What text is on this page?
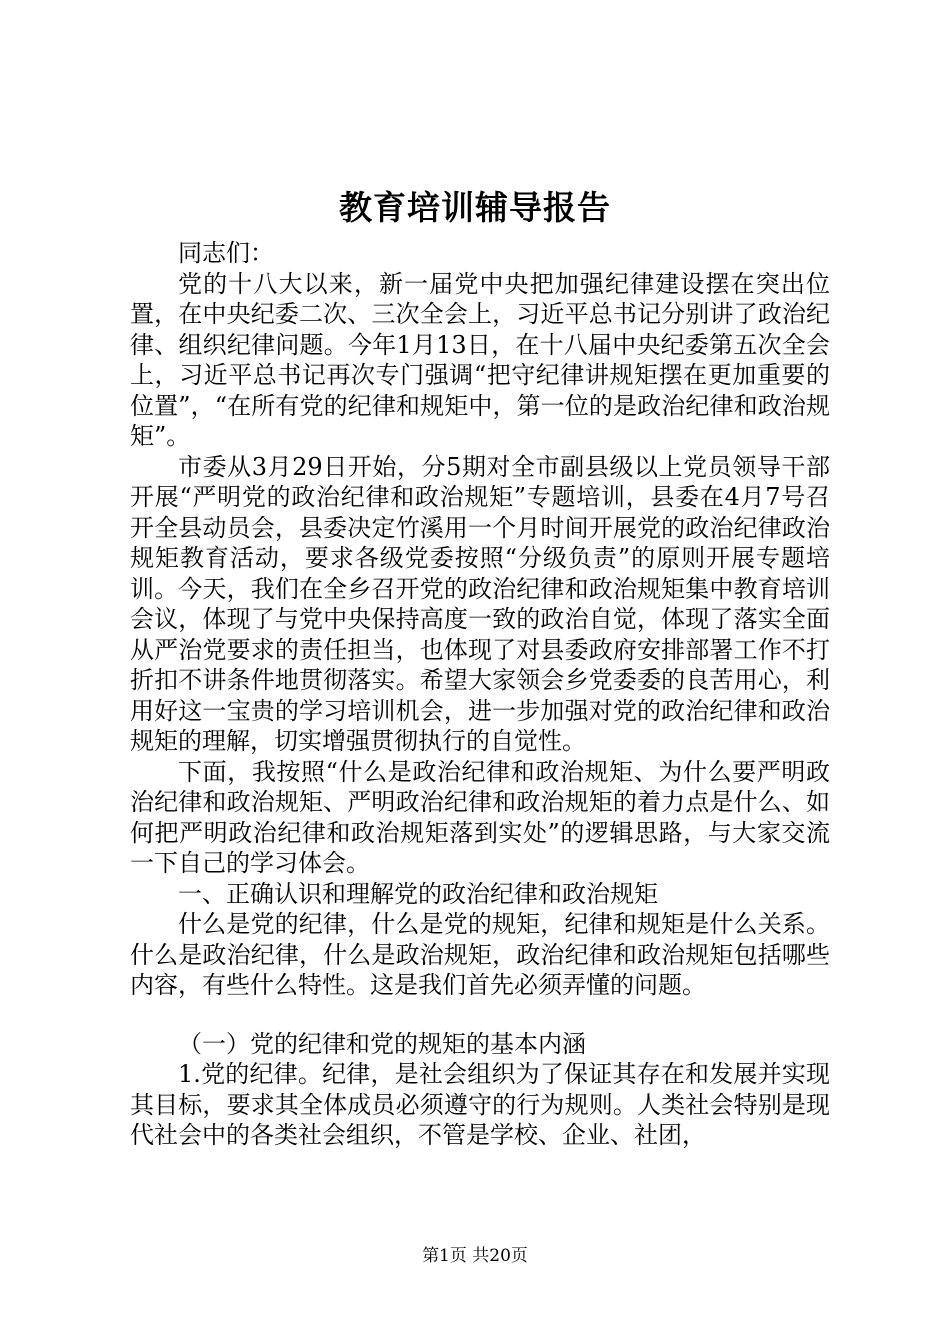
教育培训辅导报告

同志们：

党的十八大以来，新一届党中央把加强纪律建设摆在突出位置，在中央纪委二次、三次全会上，习近平总书记分别讲了政治纪律、组织纪律问题。今年1月13日，在十八届中央纪委第五次全会上，习近平总书记再次专门强调“把守纪律讲规矩摆在更加重要的位置”，“在所有党的纪律和规矩中，第一位的是政治纪律和政治规矩”。

市委从3月29日开始，分5期对全市副县级以上党员领导干部开展“严明党的政治纪律和政治规矩”专题培训，县委在4月7号召开全县动员会，县委决定竹溪用一个月时间开展党的政治纪律政治规矩教育活动，要求各级党委按照“分级负责”的原则开展专题培训。今天，我们在全乡召开党的政治纪律和政治规矩集中教育培训会议，体现了与党中央保持高度一致的政治自觉，体现了落实全面从严治党要求的责任担当，也体现了对县委政府安排部署工作不打折扣不讲条件地贯彻落实。希望大家领会乡党委委的良苦用心，利用好这一宝贵的学习培训机会，进一步加强对党的政治纪律和政治规矩的理解，切实增强贯彻执行的自觉性。

下面，我按照“什么是政治纪律和政治规矩、为什么要严明政治纪律和政治规矩、严明政治纪律和政治规矩的着力点是什么、如何把严明政治纪律和政治规矩落到实处”的逻辑思路，与大家交流一下自己的学习体会。

一、正确认识和理解党的政治纪律和政治规矩

什么是党的纪律，什么是党的规矩，纪律和规矩是什么关系。什么是政治纪律，什么是政治规矩，政治纪律和政治规矩包括哪些内容，有些什么特性。这是我们首先必须弄懂的问题。

（一）党的纪律和党的规矩的基本内涵

1.党的纪律。纪律，是社会组织为了保证其存在和发展并实现其目标，要求其全体成员必须遵守的行为规则。人类社会特别是现代社会中的各类社会组织，不管是学校、企业、社团，

第1页 共20页
